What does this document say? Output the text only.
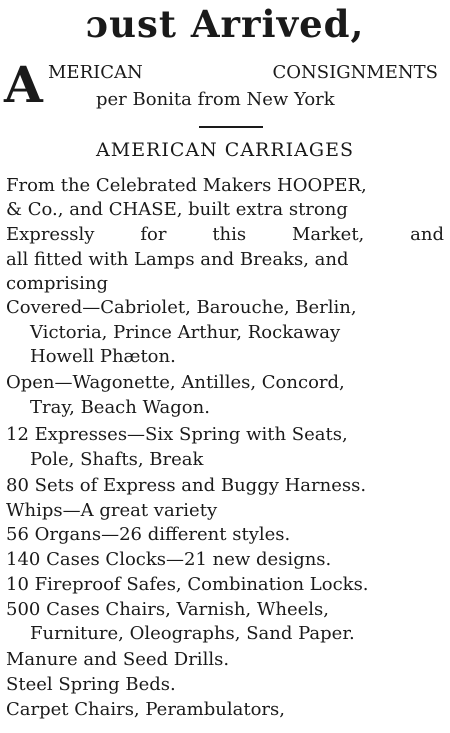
ɔust Arrived,
A MERICAN	CONSIGNMENTS
per Bonita from New York
AMERICAN CARRIAGES
From the Celebrated Makers HOOPER,
& Co., and CHASE, built extra strong
Expressly	for	this	Market,	and
all fitted with Lamps and Breaks, and
comprising
Covered—Cabriolet, Barouche, Berlin,
Victoria, Prince Arthur, Rockaway
Howell Phæton.
Open—Wagonette, Antilles, Concord,
Tray, Beach Wagon.
12 Expresses—Six Spring with Seats,
Pole, Shafts, Break
80 Sets of Express and Buggy Harness.
Whips—A great variety
56 Organs—26 different styles.
140 Cases Clocks—21 new designs.
10 Fireproof Safes, Combination Locks.
500 Cases Chairs, Varnish, Wheels,
Furniture, Oleographs, Sand Paper.
Manure and Seed Drills.
Steel Spring Beds.
Carpet Chairs, Perambulators,
